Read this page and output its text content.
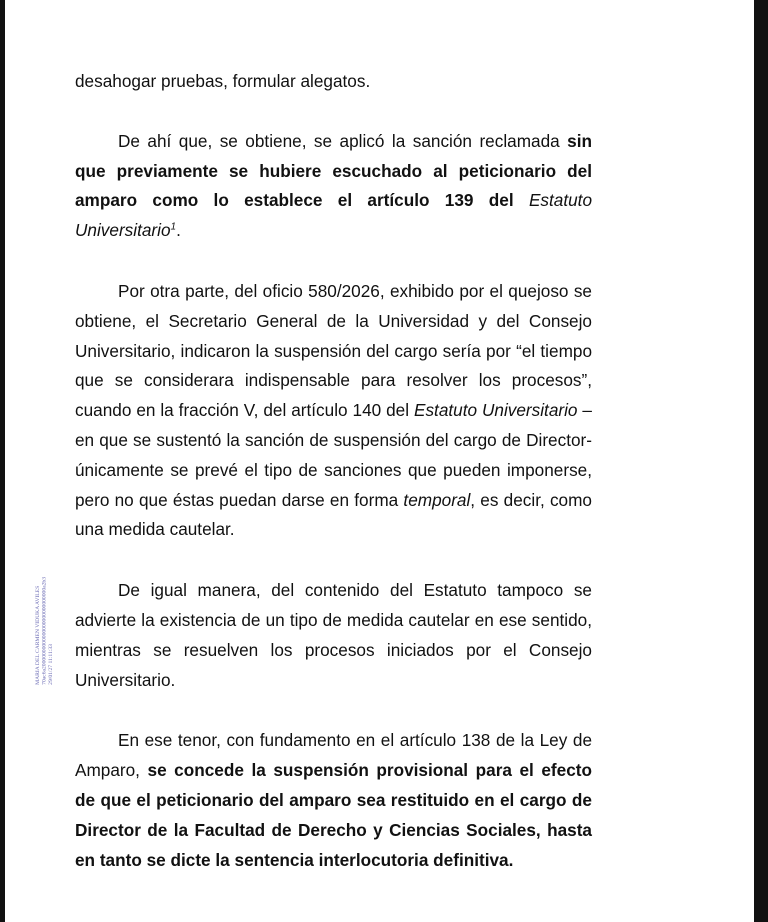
desahogar pruebas, formular alegatos.

De ahí que, se obtiene, se aplicó la sanción reclamada sin que previamente se hubiere escuchado al peticionario del amparo como lo establece el artículo 139 del Estatuto Universitario$^1$.

Por otra parte, del oficio 580/2026, exhibido por el quejoso se obtiene, el Secretario General de la Universidad y del Consejo Universitario, indicaron la suspensión del cargo sería por “el tiempo que se considerara indispensable para resolver los procesos”, cuando en la fracción V, del artículo 140 del Estatuto Universitario –en que se sustentó la sanción de suspensión del cargo de Director- únicamente se prevé el tipo de sanciones que pueden imponerse, pero no que éstas puedan darse en forma temporal, es decir, como una medida cautelar.

De igual manera, del contenido del Estatuto tampoco se advierte la existencia de un tipo de medida cautelar en ese sentido, mientras se resuelven los procesos iniciados por el Consejo Universitario.

En ese tenor, con fundamento en el artículo 138 de la Ley de Amparo, se concede la suspensión provisional para el efecto de que el peticionario del amparo sea restituido en el cargo de Director de la Facultad de Derecho y Ciencias Sociales, hasta en tanto se dicte la sentencia interlocutoria definitiva.

MARIA DEL CARMEN VIDUKA AVILES 70ac6a20000000000000000000000000000a2b3 29/01/27 11:11:33
